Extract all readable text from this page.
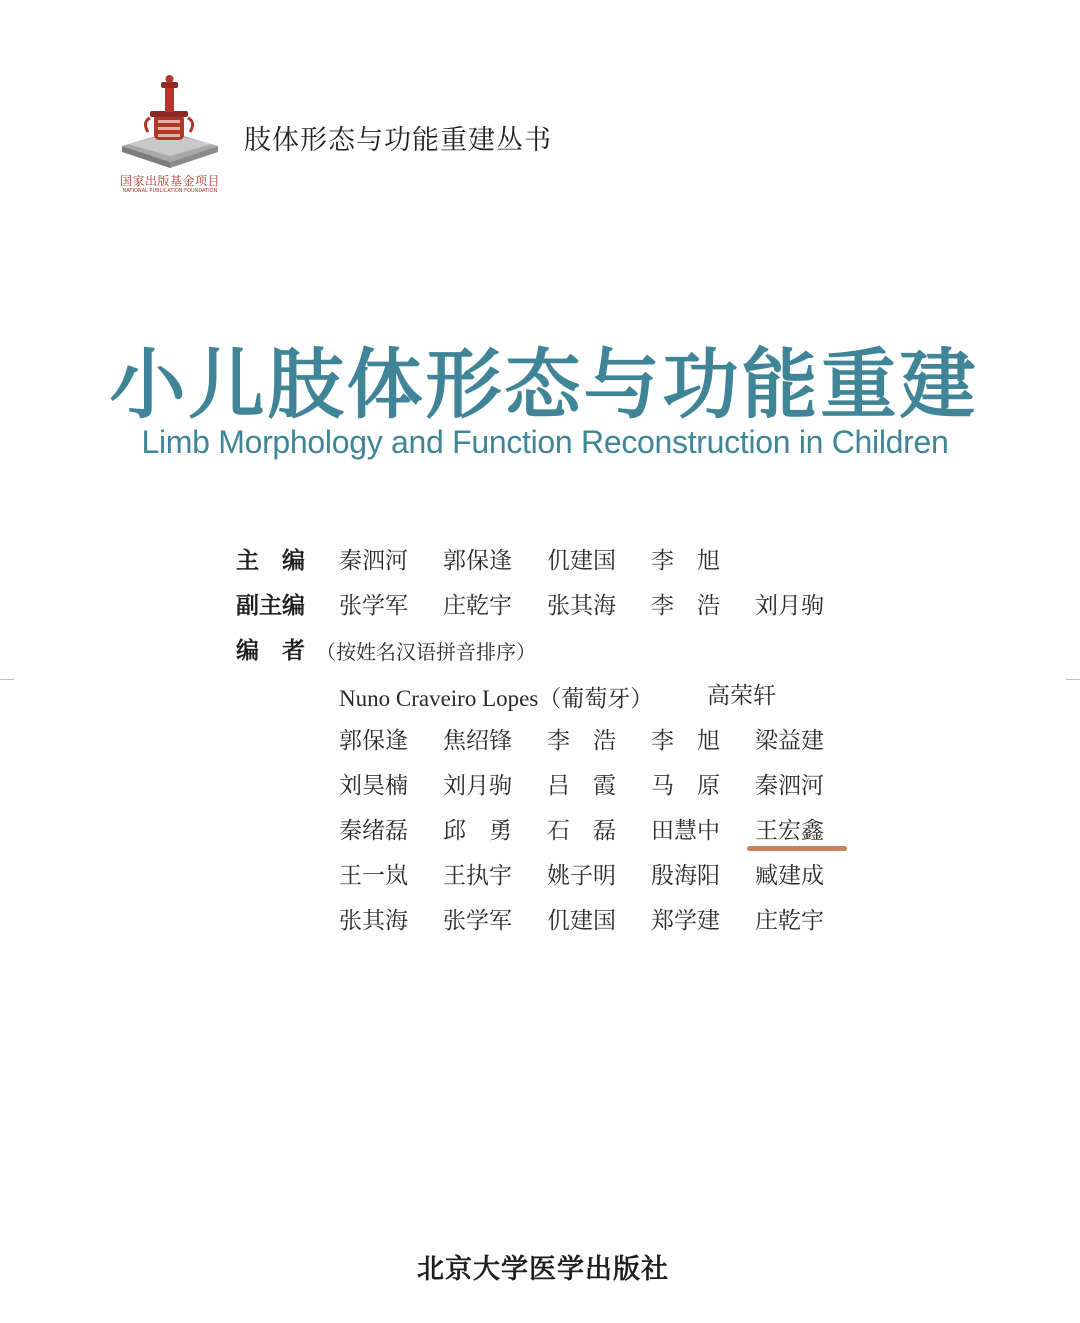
国家出版基金项目
NATIONAL PUBLICATION FOUNDATION
肢体形态与功能重建丛书
小儿肢体形态与功能重建
Limb Morphology and Function Reconstruction in Children
主　编 秦泗河 郭保逢 仉建国 李　旭
副主编 张学军 庄乾宇 张其海 李　浩 刘月驹
编　者 （按姓名汉语拼音排序）
Nuno Craveiro Lopes（葡萄牙） 高荣轩
郭保逢 焦绍锋 李　浩 李　旭 梁益建
刘昊楠 刘月驹 吕　霞 马　原 秦泗河
秦绪磊 邱　勇 石　磊 田慧中 王宏鑫
王一岚 王执宇 姚子明 殷海阳 臧建成
张其海 张学军 仉建国 郑学建 庄乾宇
北京大学医学出版社
